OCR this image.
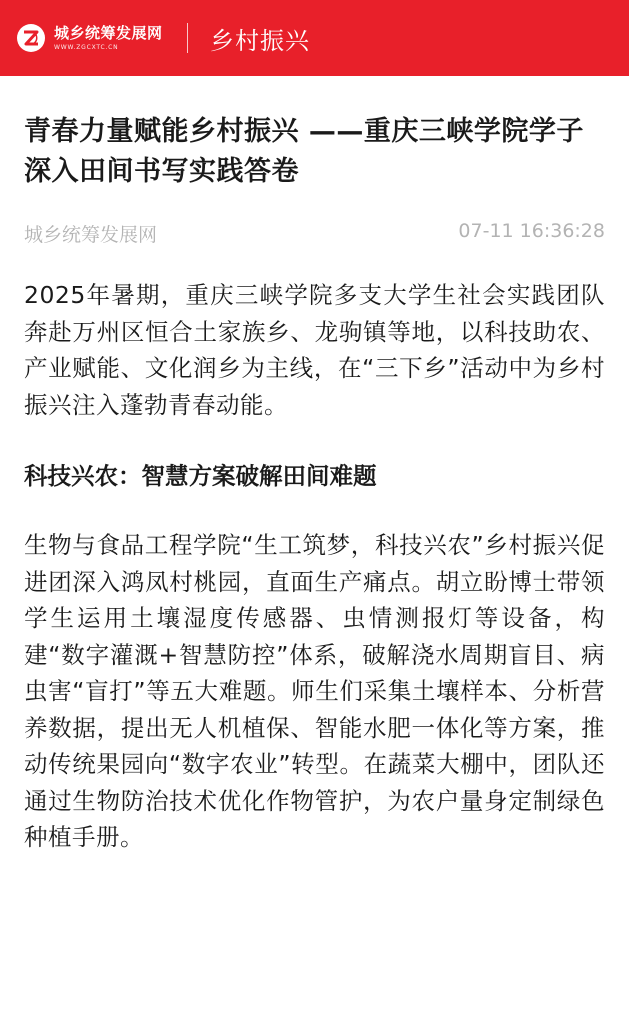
城乡统筹发展网
WWW.ZGCXTC.CN	乡村振兴
青春力量赋能乡村振兴 ——重庆三峡学院学子深入田间书写实践答卷
城乡统筹发展网	07-11 16:36:28

2025年暑期，重庆三峡学院多支大学生社会实践团队奔赴万州区恒合土家族乡、龙驹镇等地，以科技助农、产业赋能、文化润乡为主线，在“三下乡”活动中为乡村振兴注入蓬勃青春动能。

科技兴农：智慧方案破解田间难题

生物与食品工程学院“生工筑梦，科技兴农”乡村振兴促进团深入鸿凤村桃园，直面生产痛点。胡立盼博士带领学生运用土壤湿度传感器、虫情测报灯等设备，构建“数字灌溉+智慧防控”体系，破解浇水周期盲目、病虫害“盲打”等五大难题。师生们采集土壤样本、分析营养数据，提出无人机植保、智能水肥一体化等方案，推动传统果园向“数字农业”转型。在蔬菜大棚中，团队还通过生物防治技术优化作物管护，为农户量身定制绿色种植手册。
